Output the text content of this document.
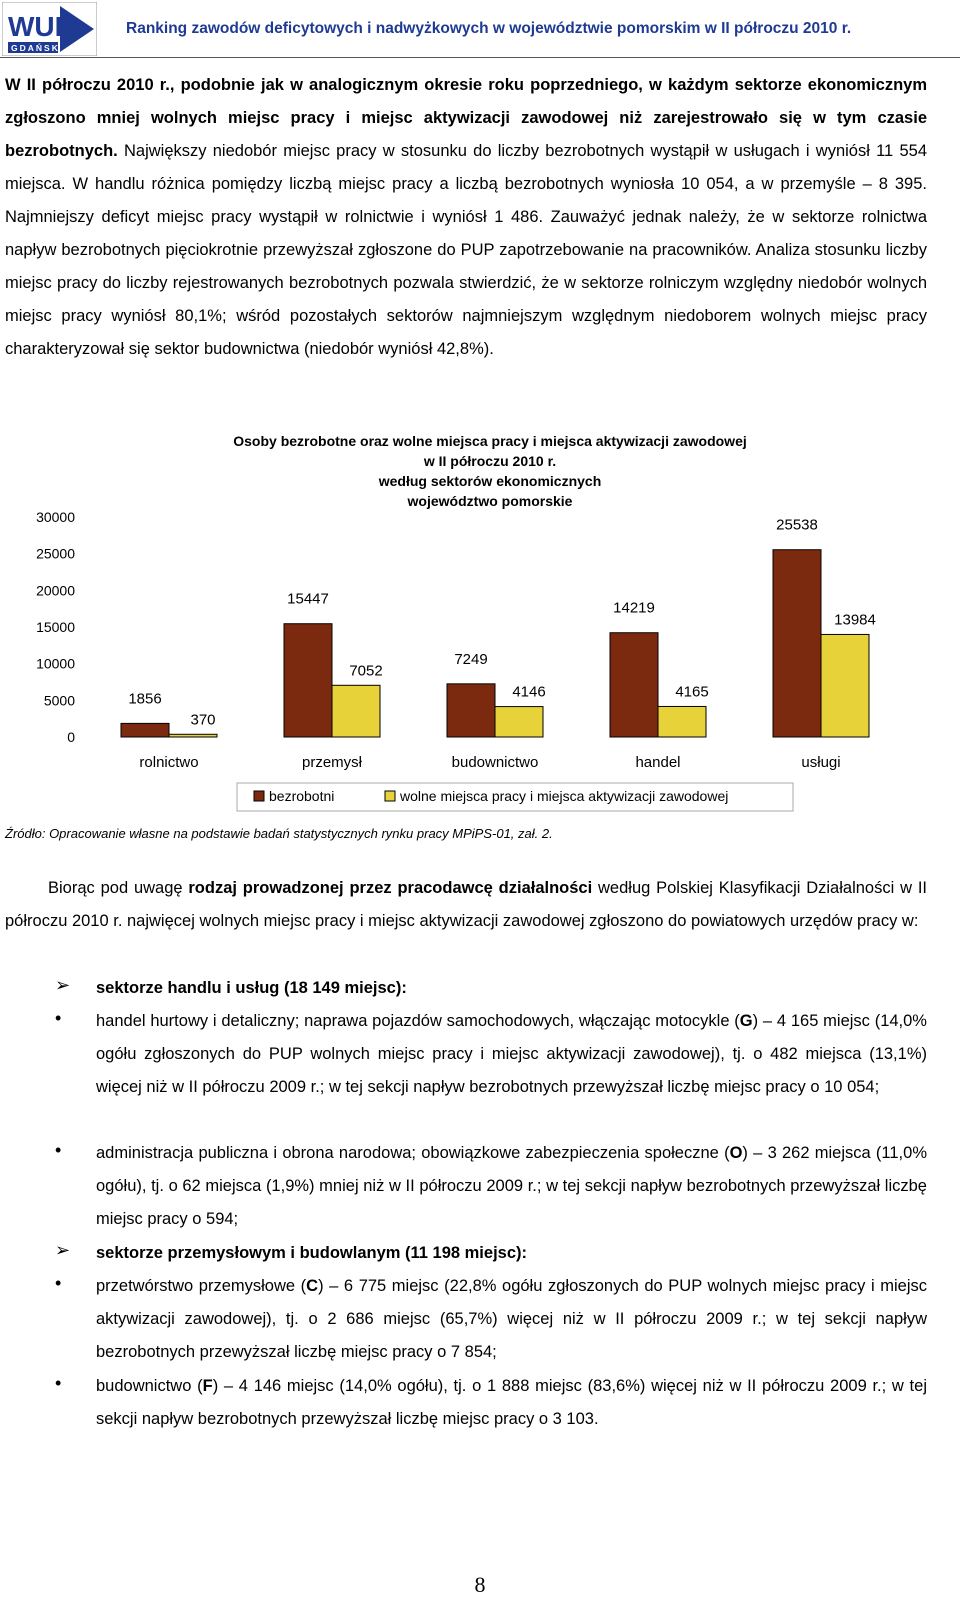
WUP
GDAŃSK
Ranking zawodów deficytowych i nadwyżkowych w województwie pomorskim w II półroczu 2010 r.
W II półroczu 2010 r., podobnie jak w analogicznym okresie roku poprzedniego, w każdym sektorze ekonomicznym zgłoszono mniej wolnych miejsc pracy i miejsc aktywizacji zawodowej niż zarejestrowało się w tym czasie bezrobotnych. Największy niedobór miejsc pracy w stosunku do liczby bezrobotnych wystąpił w usługach i wyniósł 11 554 miejsca. W handlu różnica pomiędzy liczbą miejsc pracy a liczbą bezrobotnych wyniosła 10 054, a w przemyśle – 8 395. Najmniejszy deficyt miejsc pracy wystąpił w rolnictwie i wyniósł 1 486. Zauważyć jednak należy, że w sektorze rolnictwa napływ bezrobotnych pięciokrotnie przewyższał zgłoszone do PUP zapotrzebowanie na pracowników. Analiza stosunku liczby miejsc pracy do liczby rejestrowanych bezrobotnych pozwala stwierdzić, że w sektorze rolniczym względny niedobór wolnych miejsc pracy wyniósł 80,1%; wśród pozostałych sektorów najmniejszym względnym niedoborem wolnych miejsc pracy charakteryzował się sektor budownictwa (niedobór wyniósł 42,8%).
Osoby bezrobotne oraz wolne miejsca pracy i miejsca aktywizacji zawodowej
w II półroczu 2010 r.
według sektorów ekonomicznych
województwo pomorskie
0
5000
10000
15000
20000
25000
30000
1856
370
rolnictwo
15447
7052
przemysł
7249
4146
budownictwo
14219
4165
handel
25538
13984
usługi
bezrobotni	wolne miejsca pracy i miejsca aktywizacji zawodowej
Źródło: Opracowanie własne na podstawie badań statystycznych rynku pracy MPiPS-01, zał. 2.
Biorąc pod uwagę rodzaj prowadzonej przez pracodawcę działalności według Polskiej Klasyfikacji Działalności w II półroczu 2010 r. najwięcej wolnych miejsc pracy i miejsc aktywizacji zawodowej zgłoszono do powiatowych urzędów pracy w:
➢ sektorze handlu i usług (18 149 miejsc):
• handel hurtowy i detaliczny; naprawa pojazdów samochodowych, włączając motocykle (G) – 4 165 miejsc (14,0% ogółu zgłoszonych do PUP wolnych miejsc pracy i miejsc aktywizacji zawodowej), tj. o 482 miejsca (13,1%) więcej niż w II półroczu 2009 r.; w tej sekcji napływ bezrobotnych przewyższał liczbę miejsc pracy o 10 054;
• administracja publiczna i obrona narodowa; obowiązkowe zabezpieczenia społeczne (O) – 3 262 miejsca (11,0% ogółu), tj. o 62 miejsca (1,9%) mniej niż w II półroczu 2009 r.; w tej sekcji napływ bezrobotnych przewyższał liczbę miejsc pracy o 594;
➢ sektorze przemysłowym i budowlanym (11 198 miejsc):
• przetwórstwo przemysłowe (C) – 6 775 miejsc (22,8% ogółu zgłoszonych do PUP wolnych miejsc pracy i miejsc aktywizacji zawodowej), tj. o 2 686 miejsc (65,7%) więcej niż w II półroczu 2009 r.; w tej sekcji napływ bezrobotnych przewyższał liczbę miejsc pracy o 7 854;
• budownictwo (F) – 4 146 miejsc (14,0% ogółu), tj. o 1 888 miejsc (83,6%) więcej niż w II półroczu 2009 r.; w tej sekcji napływ bezrobotnych przewyższał liczbę miejsc pracy o 3 103.
8
